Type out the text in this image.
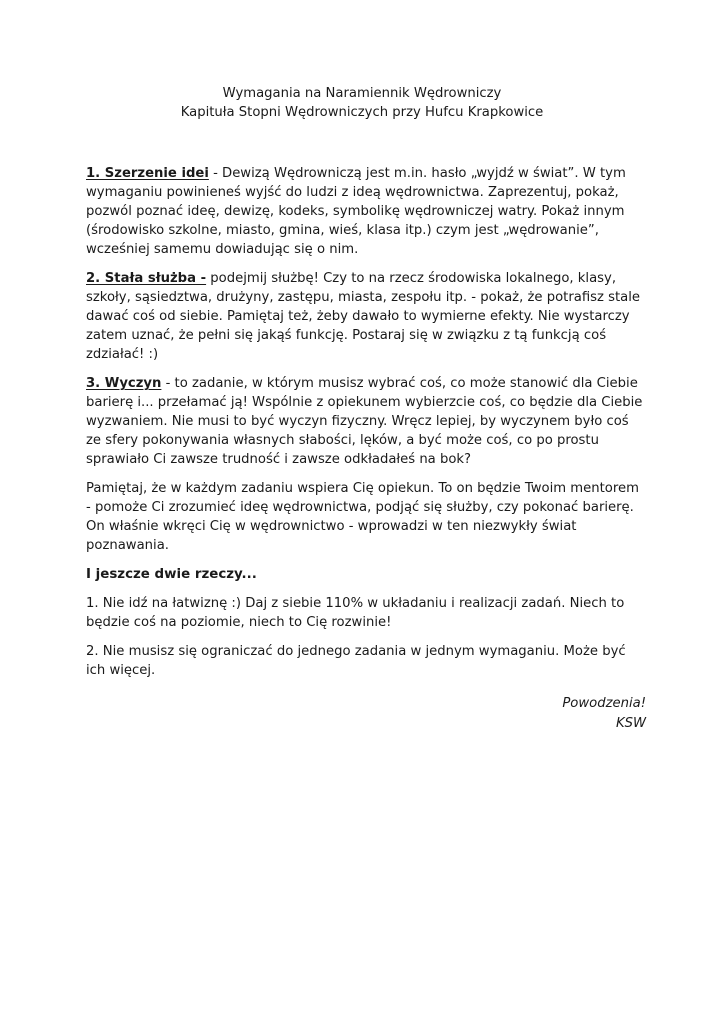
Wymagania na Naramiennik Wędrowniczy
Kapituła Stopni Wędrowniczych przy Hufcu Krapkowice

1. Szerzenie idei - Dewizą Wędrowniczą jest m.in. hasło „wyjdź w świat”. W tym wymaganiu powinieneś wyjść do ludzi z ideą wędrownictwa. Zaprezentuj, pokaż, pozwól poznać ideę, dewizę, kodeks, symbolikę wędrowniczej watry. Pokaż innym (środowisko szkolne, miasto, gmina, wieś, klasa itp.) czym jest „wędrowanie”, wcześniej samemu dowiadując się o nim.

2. Stała służba - podejmij służbę! Czy to na rzecz środowiska lokalnego, klasy, szkoły, sąsiedztwa, drużyny, zastępu, miasta, zespołu itp. - pokaż, że potrafisz stale dawać coś od siebie. Pamiętaj też, żeby dawało to wymierne efekty. Nie wystarczy zatem uznać, że pełni się jakąś funkcję. Postaraj się w związku z tą funkcją coś zdziałać! :)

3. Wyczyn - to zadanie, w którym musisz wybrać coś, co może stanowić dla Ciebie barierę i... przełamać ją! Wspólnie z opiekunem wybierzcie coś, co będzie dla Ciebie wyzwaniem. Nie musi to być wyczyn fizyczny. Wręcz lepiej, by wyczynem było coś ze sfery pokonywania własnych słabości, lęków, a być może coś, co po prostu sprawiało Ci zawsze trudność i zawsze odkładałeś na bok?

Pamiętaj, że w każdym zadaniu wspiera Cię opiekun. To on będzie Twoim mentorem - pomoże Ci zrozumieć ideę wędrownictwa, podjąć się służby, czy pokonać barierę. On właśnie wkręci Cię w wędrownictwo - wprowadzi w ten niezwykły świat poznawania.

I jeszcze dwie rzeczy...

1. Nie idź na łatwiznę :) Daj z siebie 110% w układaniu i realizacji zadań. Niech to będzie coś na poziomie, niech to Cię rozwinie!

2. Nie musisz się ograniczać do jednego zadania w jednym wymaganiu. Może być ich więcej.

Powodzenia!
KSW
